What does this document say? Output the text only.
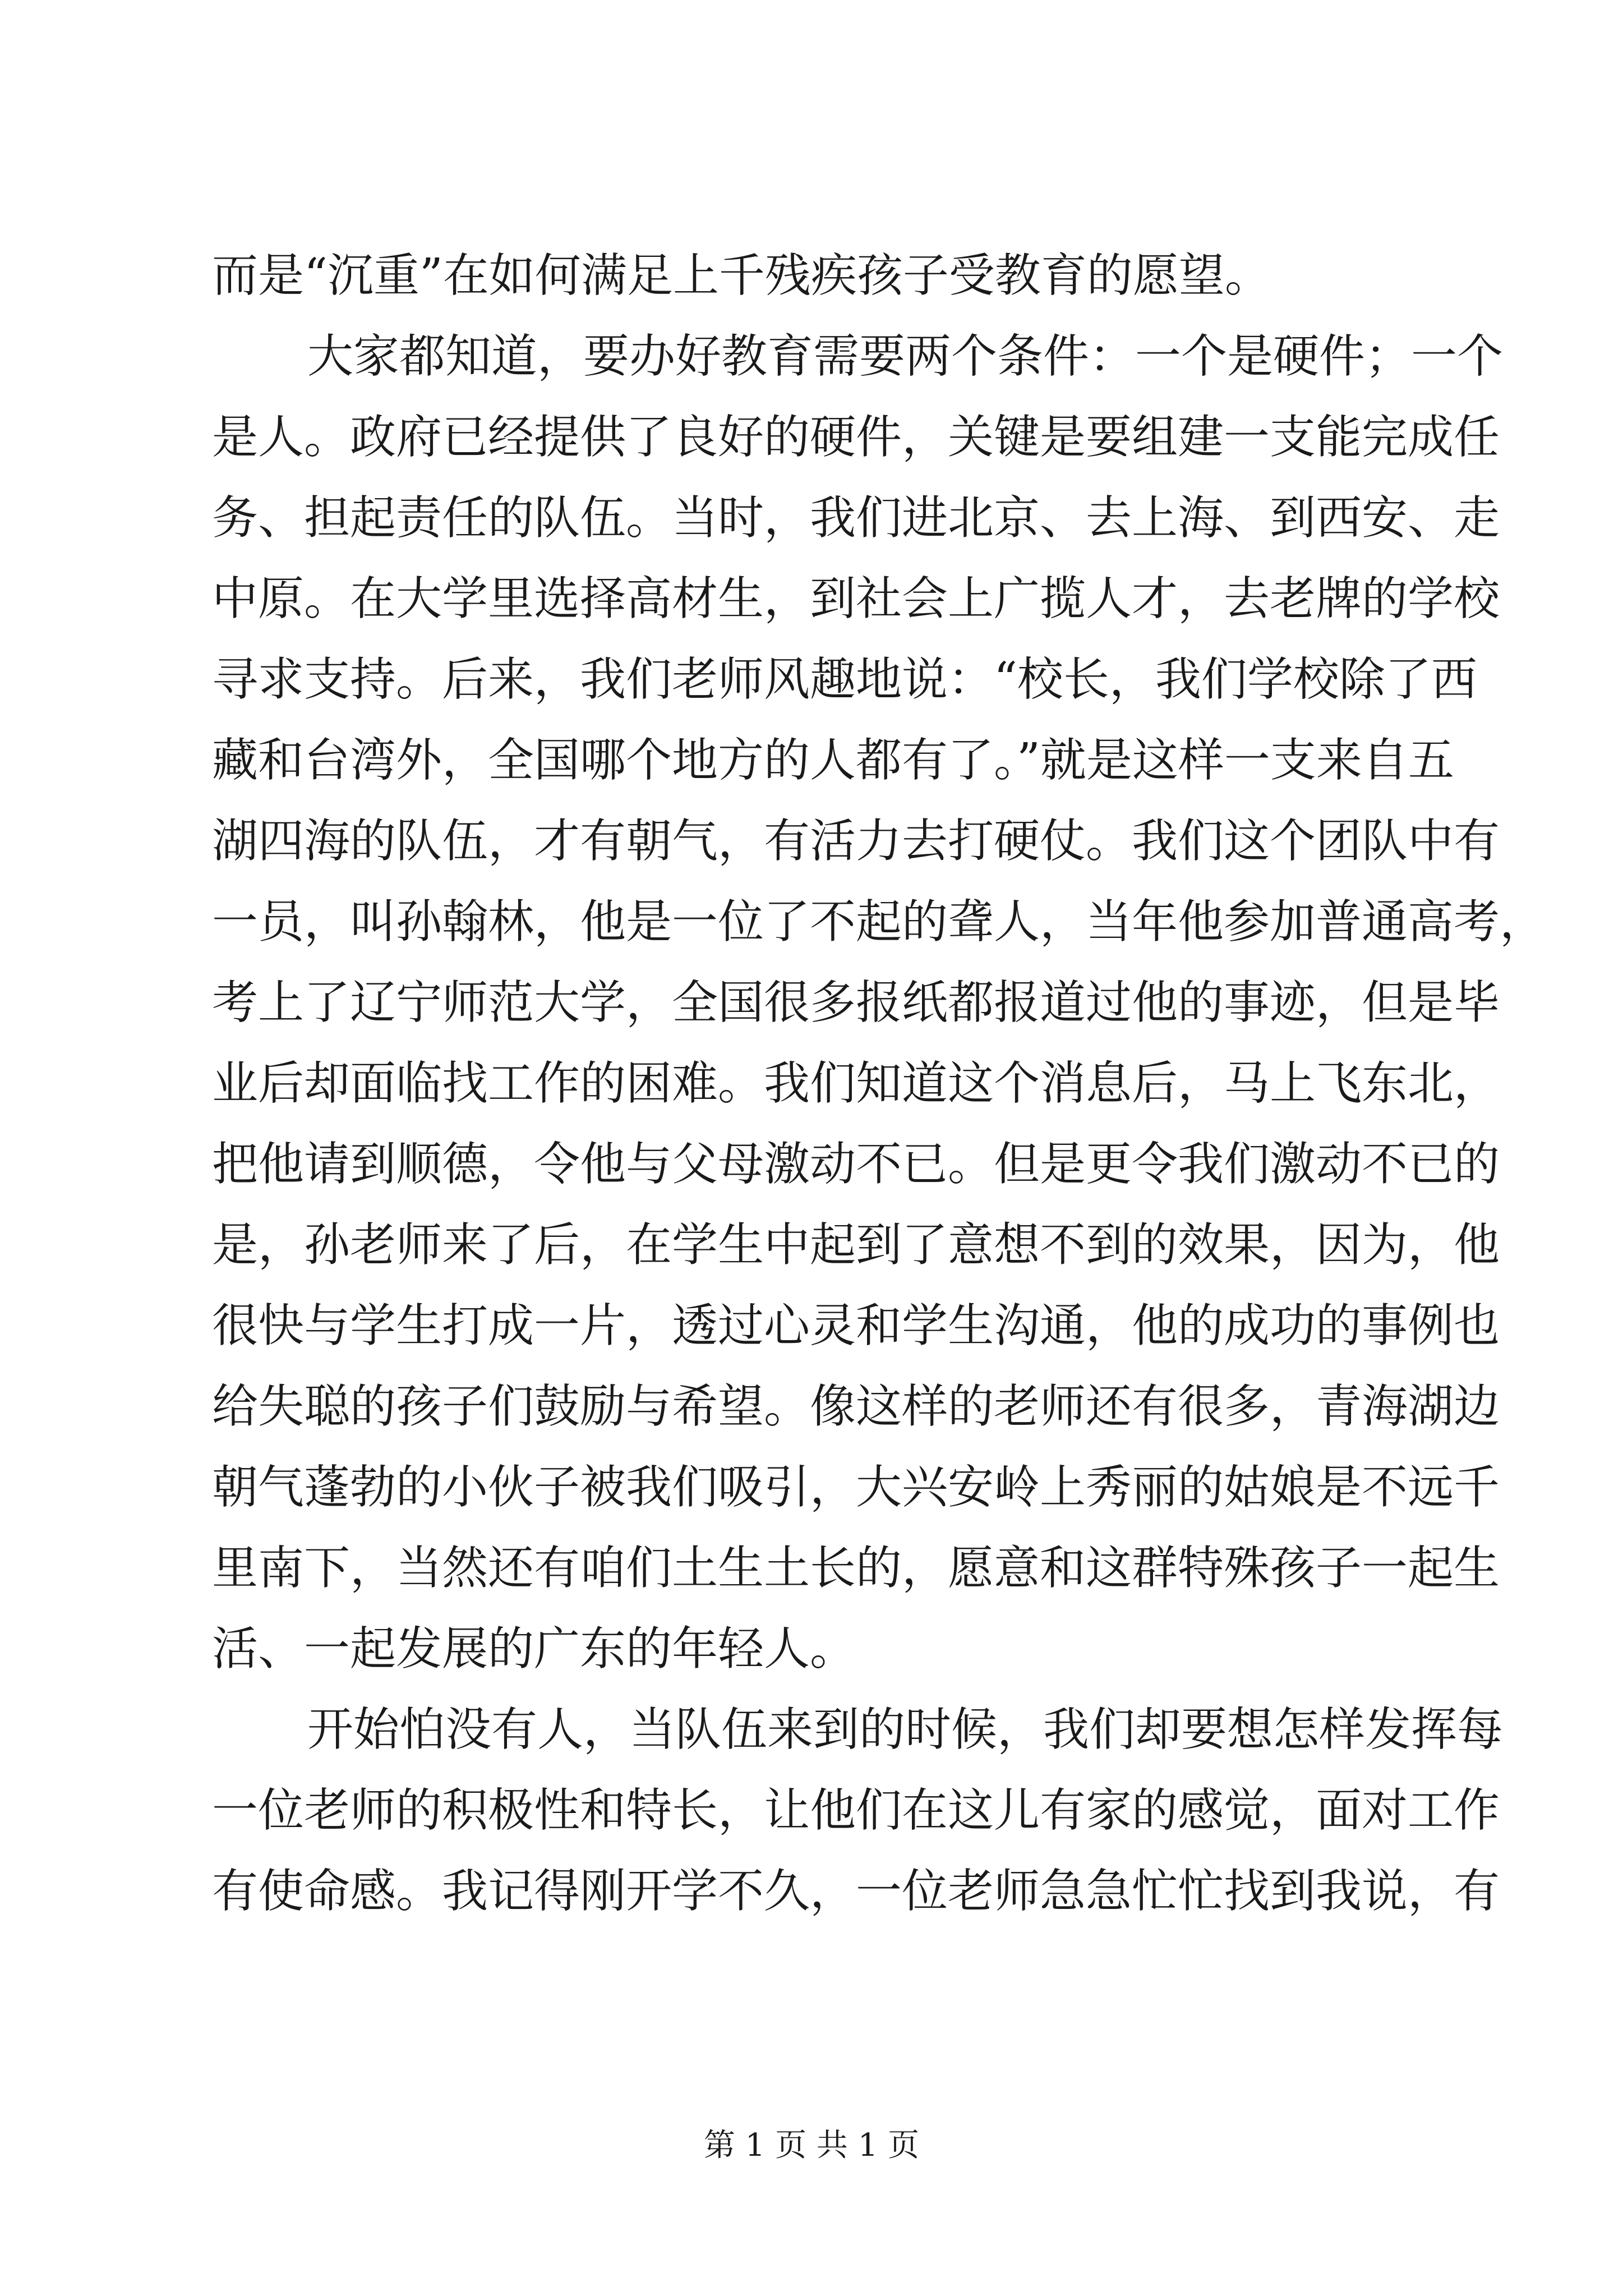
而是“沉重”在如何满足上千残疾孩子受教育的愿望。
大家都知道，要办好教育需要两个条件：一个是硬件；一个
是人。政府已经提供了良好的硬件，关键是要组建一支能完成任
务、担起责任的队伍。当时，我们进北京、去上海、到西安、走
中原。在大学里选择高材生，到社会上广揽人才，去老牌的学校
寻求支持。后来，我们老师风趣地说：“校长，我们学校除了西
藏和台湾外，全国哪个地方的人都有了。”就是这样一支来自五
湖四海的队伍，才有朝气，有活力去打硬仗。我们这个团队中有
一员，叫孙翰林，他是一位了不起的聋人，当年他参加普通高考，
考上了辽宁师范大学，全国很多报纸都报道过他的事迹，但是毕
业后却面临找工作的困难。我们知道这个消息后，马上飞东北，
把他请到顺德，令他与父母激动不已。但是更令我们激动不已的
是，孙老师来了后，在学生中起到了意想不到的效果，因为，他
很快与学生打成一片，透过心灵和学生沟通，他的成功的事例也
给失聪的孩子们鼓励与希望。像这样的老师还有很多，青海湖边
朝气蓬勃的小伙子被我们吸引，大兴安岭上秀丽的姑娘是不远千
里南下，当然还有咱们土生土长的，愿意和这群特殊孩子一起生
活、一起发展的广东的年轻人。
开始怕没有人，当队伍来到的时候，我们却要想怎样发挥每
一位老师的积极性和特长，让他们在这儿有家的感觉，面对工作
有使命感。我记得刚开学不久，一位老师急急忙忙找到我说，有
第 1 页 共 1 页
